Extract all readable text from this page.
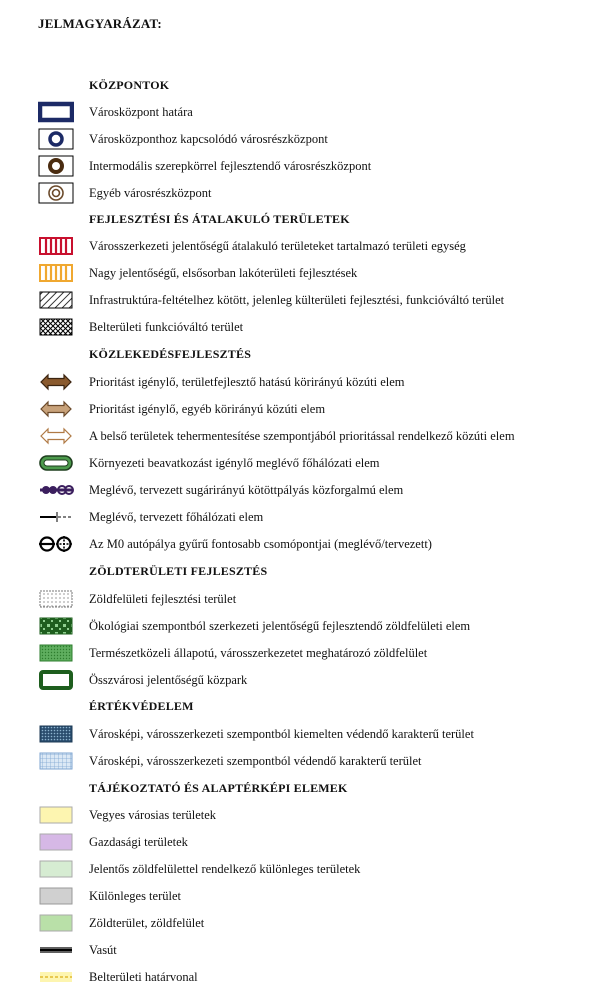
JELMAGYARÁZAT:
KÖZPONTOK
Városközpont határa
Városközponthoz kapcsolódó városrészközpont
Intermodális szerepkörrel fejlesztendő városrészközpont
Egyéb városrészközpont
FEJLESZTÉSI ÉS ÁTALAKULÓ TERÜLETEK
Városszerkezeti jelentőségű átalakuló területeket tartalmazó területi egység
Nagy jelentőségű, elsősorban lakóterületi fejlesztések
Infrastruktúra-feltételhez kötött, jelenleg külterületi fejlesztési, funkcióváltó terület
Belterületi funkcióváltó terület
KÖZLEKEDÉSFEJLESZTÉS
Prioritást igénylő, területfejlesztő hatású körirányú közúti elem
Prioritást igénylő, egyéb körirányú közúti elem
A belső területek tehermentesítése szempontjából prioritással rendelkező közúti elem
Környezeti beavatkozást igénylő meglévő főhálózati elem
Meglévő, tervezett sugárirányú kötöttpályás közforgalmú elem
Meglévő, tervezett főhálózati elem
Az M0 autópálya gyűrű fontosabb csomópontjai (meglévő/tervezett)
ZÖLDTERÜLETI FEJLESZTÉS
Zöldfelületi fejlesztési terület
Ökológiai szempontból szerkezeti jelentőségű fejlesztendő zöldfelületi elem
Természetközeli állapotú, városszerkezetet meghatározó zöldfelület
Összvárosi jelentőségű közpark
ÉRTÉKVÉDELEM
Városképi, városszerkezeti szempontból kiemelten védendő karakterű terület
Városképi, városszerkezeti szempontból védendő karakterű terület
TÁJÉKOZTATÓ ÉS ALAPTÉRKÉPI ELEMEK
Vegyes városias területek
Gazdasági területek
Jelentős zöldfelülettel rendelkező különleges területek
Különleges terület
Zöldterület, zöldfelület
Vasút
Belterületi határvonal
